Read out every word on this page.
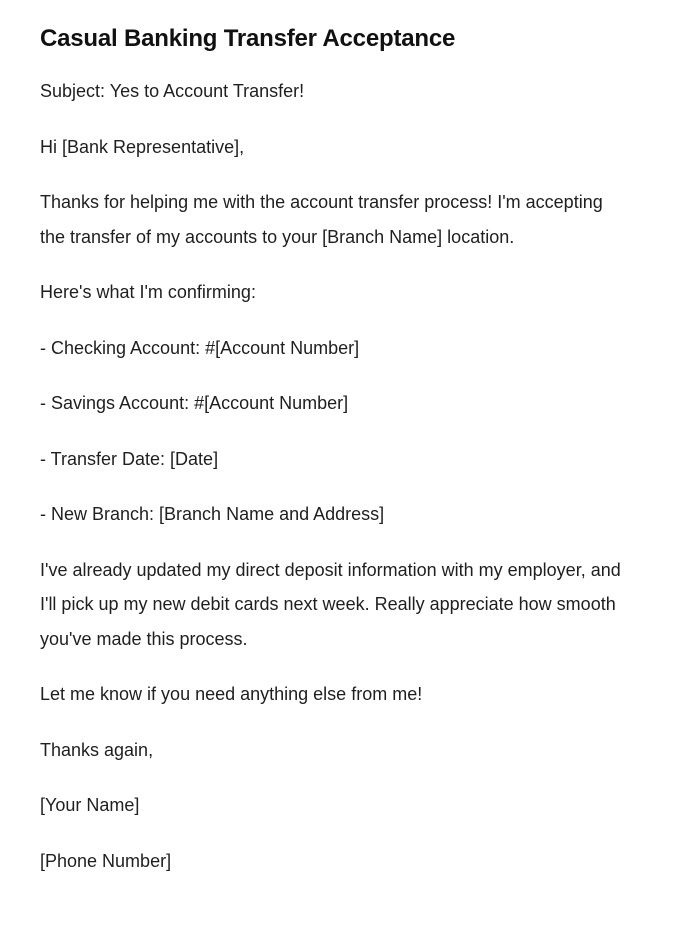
Casual Banking Transfer Acceptance

Subject: Yes to Account Transfer!

Hi [Bank Representative],

Thanks for helping me with the account transfer process! I'm accepting the transfer of my accounts to your [Branch Name] location.

Here's what I'm confirming:

- Checking Account: #[Account Number]

- Savings Account: #[Account Number]

- Transfer Date: [Date]

- New Branch: [Branch Name and Address]

I've already updated my direct deposit information with my employer, and I'll pick up my new debit cards next week. Really appreciate how smooth you've made this process.

Let me know if you need anything else from me!

Thanks again,

[Your Name]

[Phone Number]
